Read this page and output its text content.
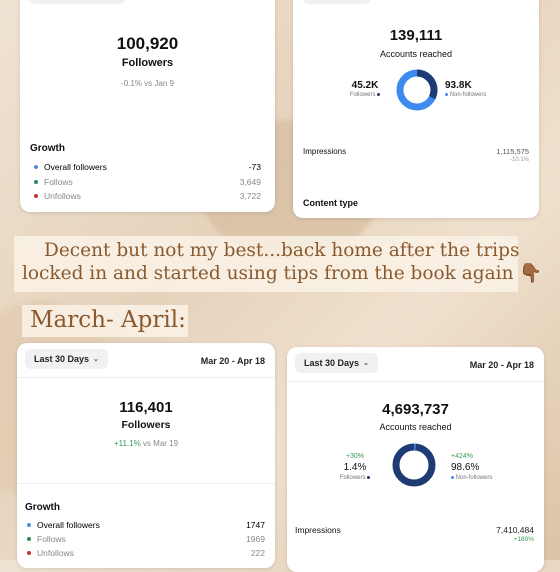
100,920
Followers
-0.1% vs Jan 9
Growth
Overall followers	-73
Follows	3,649
Unfollows	3,722
139,111
Accounts reached
45.2K
Followers
93.8K
Non-followers
Impressions	1,115,575
-10.1%
Content type
Decent but not my best...back home after the trips
locked in and started using tips from the book again 👇🏾
March- April:
Last 30 Days ⌄	Mar 20 - Apr 18
116,401
Followers
+11.1% vs Mar 19
Growth
Overall followers	1747
Follows	1969
Unfollows	222
Last 30 Days ⌄	Mar 20 - Apr 18
4,693,737
Accounts reached
+30%
1.4%
Followers
+424%
98.6%
Non-followers
Impressions	7,410,484
+180%
